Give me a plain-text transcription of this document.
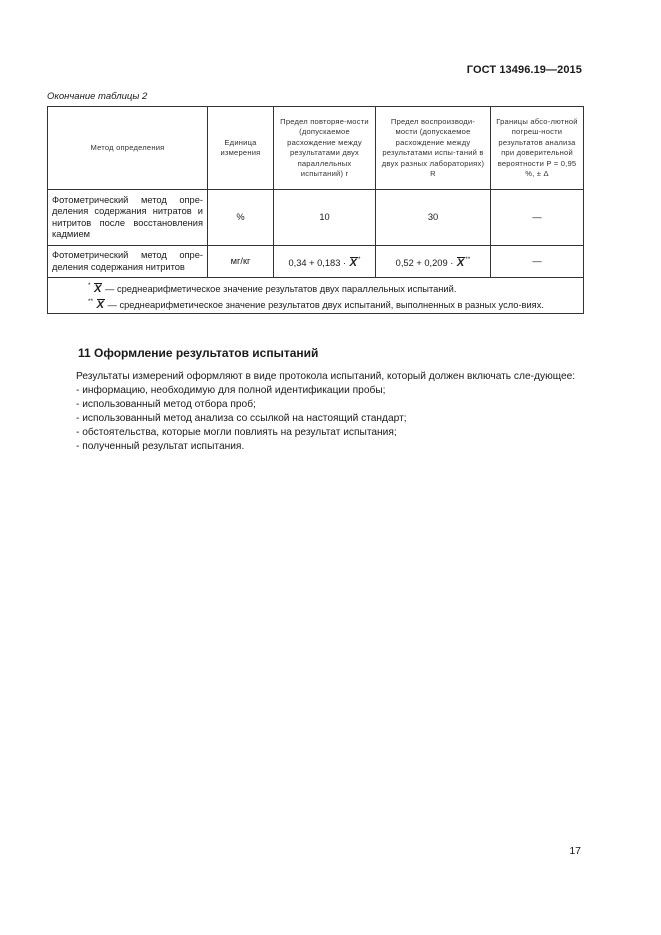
ГОСТ 13496.19—2015
Окончание таблицы 2
Метод определения	Единица измерения	Предел повторяе-мости (допускаемое расхождение между результатами двух параллельных испытаний) r	Предел воспроизводи-мости (допускаемое расхождение между результатами испы-таний в двух разных лабораториях) R	Границы абсо-лютной погреш-ности результатов анализа при доверительной вероятности P = 0,95 %, ± Δ
Фотометрический метод опре-деления содержания нитратов и нитритов после восстановления кадмием	%	10	30	—
Фотометрический метод опре-деления содержания нитритов	мг/кг	0,34 + 0,183 · X*	0,52 + 0,209 · X**	—

* X — среднеарифметическое значение результатов двух параллельных испытаний.
** X — среднеарифметическое значение результатов двух испытаний, выполненных в разных усло-виях.				
11 Оформление результатов испытаний

Результаты измерений оформляют в виде протокола испытаний, который должен включать сле-дующее:

- информацию, необходимую для полной идентификации пробы;
- использованный метод отбора проб;
- использованный метод анализа со ссылкой на настоящий стандарт;
- обстоятельства, которые могли повлиять на результат испытания;
- полученный результат испытания.
17
